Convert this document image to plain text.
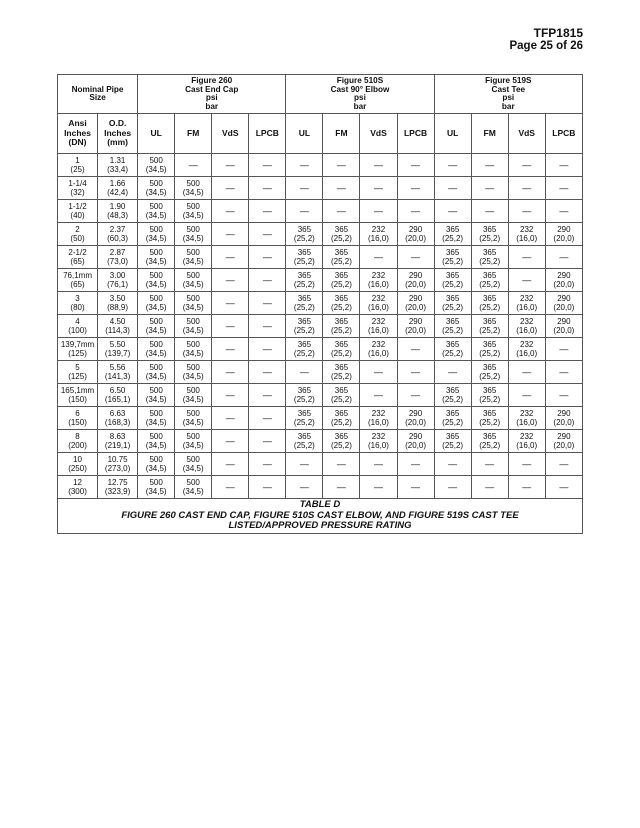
TFP1815
Page 25 of 26
Nominal Pipe
Size		Figure 260
Cast End Cap
psi
bar				Figure 510S
Cast 90° Elbow
psi
bar				Figure 519S
Cast Tee
psi
bar			

Ansi
Inches
(DN)	O.D.
Inches
(mm)	UL	FM	VdS	LPCB	UL	FM	VdS	LPCB	UL	FM	VdS	LPCB

1
(25)	1.31
(33,4)	500
(34,5)	—	—	—	—	—	—	—	—	—	—	—

1-1/4
(32)	1.66
(42,4)	500
(34,5)	500
(34,5)	—	—	—	—	—	—	—	—	—	—

1-1/2
(40)	1.90
(48,3)	500
(34,5)	500
(34,5)	—	—	—	—	—	—	—	—	—	—

2
(50)	2.37
(60,3)	500
(34,5)	500
(34,5)	—	—	365
(25,2)	365
(25,2)	232
(16,0)	290
(20,0)	365
(25,2)	365
(25,2)	232
(16,0)	290
(20,0)

2-1/2
(65)	2.87
(73,0)	500
(34,5)	500
(34,5)	—	—	365
(25,2)	365
(25,2)	—	—	365
(25,2)	365
(25,2)	—	—

76,1mm
(65)	3.00
(76,1)	500
(34,5)	500
(34,5)	—	—	365
(25,2)	365
(25,2)	232
(16,0)	290
(20,0)	365
(25,2)	365
(25,2)	—	290
(20,0)

3
(80)	3.50
(88,9)	500
(34,5)	500
(34,5)	—	—	365
(25,2)	365
(25,2)	232
(16,0)	290
(20,0)	365
(25,2)	365
(25,2)	232
(16,0)	290
(20,0)

4
(100)	4.50
(114,3)	500
(34,5)	500
(34,5)	—	—	365
(25,2)	365
(25,2)	232
(16,0)	290
(20,0)	365
(25,2)	365
(25,2)	232
(16,0)	290
(20,0)

139,7mm
(125)	5.50
(139,7)	500
(34,5)	500
(34,5)	—	—	365
(25,2)	365
(25,2)	232
(16,0)	—	365
(25,2)	365
(25,2)	232
(16,0)	—

5
(125)	5.56
(141,3)	500
(34,5)	500
(34,5)	—	—	—	365
(25,2)	—	—	—	365
(25,2)	—	—

165,1mm
(150)	6.50
(165,1)	500
(34,5)	500
(34,5)	—	—	365
(25,2)	365
(25,2)	—	—	365
(25,2)	365
(25,2)	—	—

6
(150)	6.63
(168,3)	500
(34,5)	500
(34,5)	—	—	365
(25,2)	365
(25,2)	232
(16,0)	290
(20,0)	365
(25,2)	365
(25,2)	232
(16,0)	290
(20,0)

8
(200)	8.63
(219,1)	500
(34,5)	500
(34,5)	—	—	365
(25,2)	365
(25,2)	232
(16,0)	290
(20,0)	365
(25,2)	365
(25,2)	232
(16,0)	290
(20,0)

10
(250)	10.75
(273,0)	500
(34,5)	500
(34,5)	—	—	—	—	—	—	—	—	—	—

12
(300)	12.75
(323,9)	500
(34,5)	500
(34,5)	—	—	—	—	—	—	—	—	—	—

TABLE D
FIGURE 260 CAST END CAP, FIGURE 510S CAST ELBOW, AND FIGURE 519S CAST TEE
LISTED/APPROVED PRESSURE RATING													
